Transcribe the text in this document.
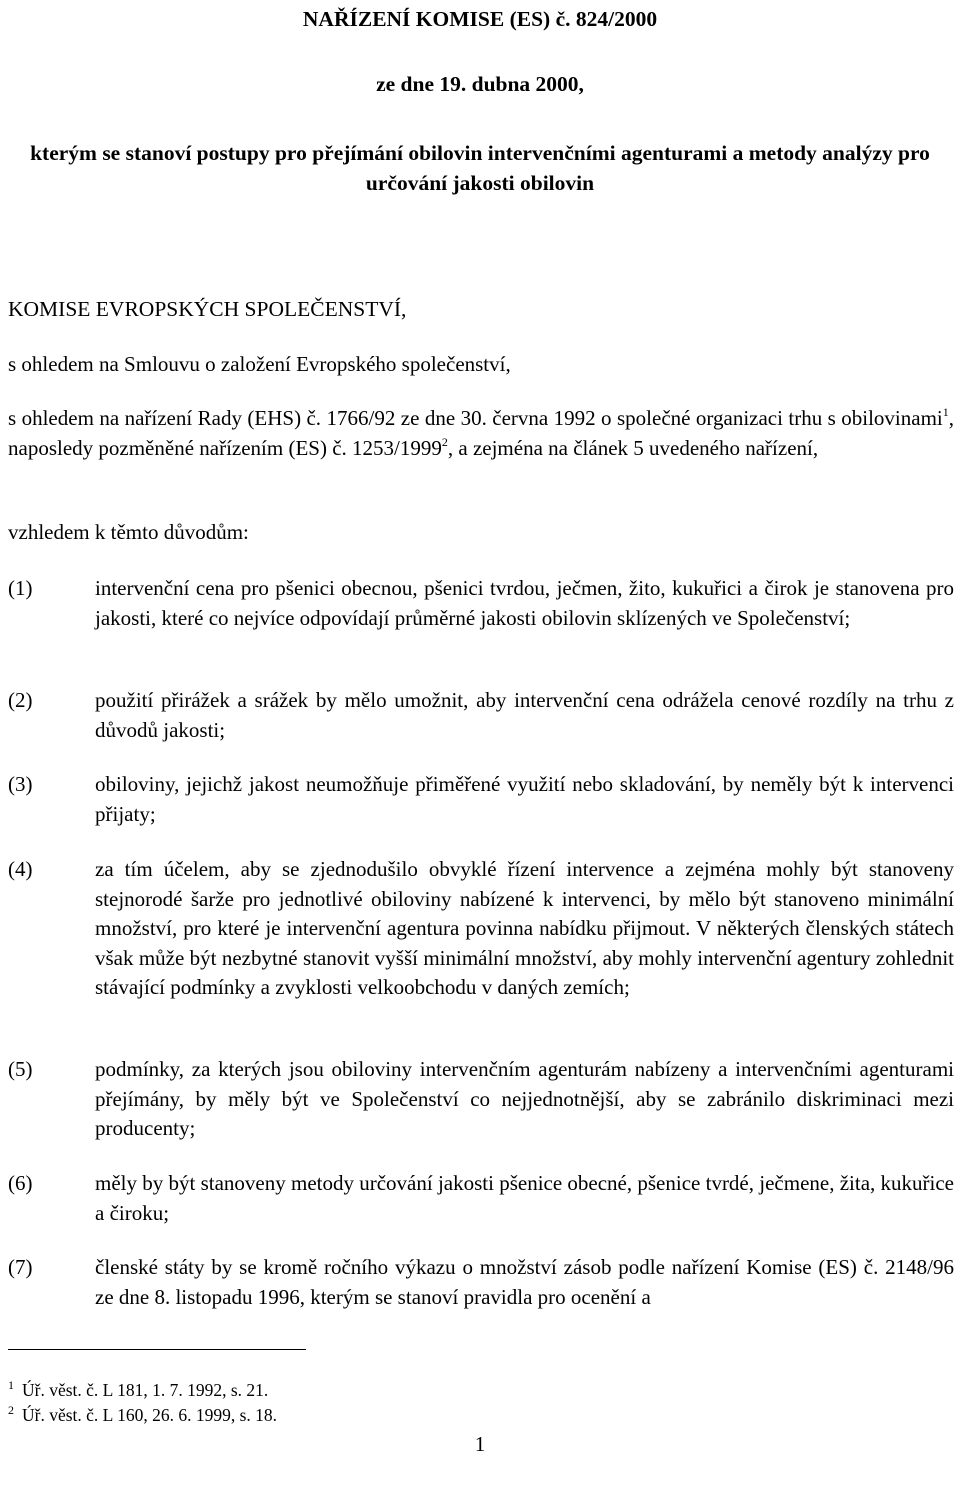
NAŘÍZENÍ KOMISE (ES) č. 824/2000
ze dne 19. dubna 2000,
kterým se stanoví postupy pro přejímání obilovin intervenčními agenturami a metody analýzy pro určování jakosti obilovin
KOMISE EVROPSKÝCH SPOLEČENSTVÍ,
s ohledem na Smlouvu o založení Evropského společenství,
s ohledem na nařízení Rady (EHS) č. 1766/92 ze dne 30. června 1992 o společné organizaci trhu s obilovinami$^1$, naposledy pozměněné nařízením (ES) č. 1253/1999$^2$, a zejména na článek 5 uvedeného nařízení,
vzhledem k těmto důvodům:
(1)	intervenční cena pro pšenici obecnou, pšenici tvrdou, ječmen, žito, kukuřici a čirok je stanovena pro jakosti, které co nejvíce odpovídají průměrné jakosti obilovin sklízených ve Společenství;
(2)	použití přirážek a srážek by mělo umožnit, aby intervenční cena odrážela cenové rozdíly na trhu z důvodů jakosti;
(3)	obiloviny, jejichž jakost neumožňuje přiměřené využití nebo skladování, by neměly být k intervenci přijaty;
(4)	za tím účelem, aby se zjednodušilo obvyklé řízení intervence a zejména mohly být stanoveny stejnorodé šarže pro jednotlivé obiloviny nabízené k intervenci, by mělo být stanoveno minimální množství, pro které je intervenční agentura povinna nabídku přijmout. V některých členských státech však může být nezbytné stanovit vyšší minimální množství, aby mohly intervenční agentury zohlednit stávající podmínky a zvyklosti velkoobchodu v daných zemích;
(5)	podmínky, za kterých jsou obiloviny intervenčním agenturám nabízeny a intervenčními agenturami přejímány, by měly být ve Společenství co nejjednotnější, aby se zabránilo diskriminaci mezi producenty;
(6)	měly by být stanoveny metody určování jakosti pšenice obecné, pšenice tvrdé, ječmene, žita, kukuřice a čiroku;
(7)	členské státy by se kromě ročního výkazu o množství zásob podle nařízení Komise (ES) č. 2148/96 ze dne 8. listopadu 1996, kterým se stanoví pravidla pro ocenění a
1 Úř. věst. č. L 181, 1. 7. 1992, s. 21.
2 Úř. věst. č. L 160, 26. 6. 1999, s. 18.
1
